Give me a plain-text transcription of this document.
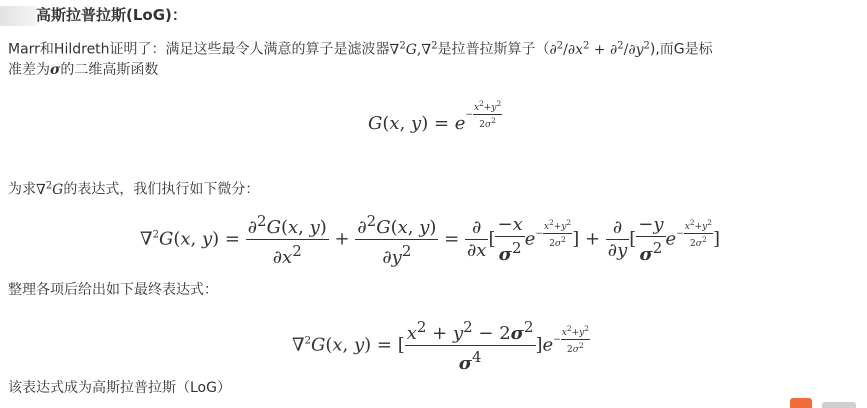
高斯拉普拉斯(LoG)：
Marr和Hildreth证明了：满足这些最令人满意的算子是滤波器∇$^2$G,∇$^2$是拉普拉斯算子$(\partial^2/\partial x^2 + \partial^2/\partial y^2)$,而G是标
准差为σ的二维高斯函数
G(x, $y) = e- \frac{x^2+y^2}{2\sigma^2}$
为求∇$^2$G的表达式，我们执行如下微分：
∇$^2$G(x, $y) = \frac{\partial^2G(x, y)}{\partial x^2} + \frac{\partial^2G(x, y)}{\partial y^2} = \frac{\partial}{\partial x}$ [ $\frac{-x}{\sigma^2} e- \frac{x^2+y^2}{2\sigma^2}$ ] + $\frac{\partial}{\partial y}$ [ $\frac{-y}{\sigma^2} e- \frac{x^2+y^2}{2\sigma^2}$ ]
整理各项后给出如下最终表达式：
∇$^2$G(x, y) = [ $\frac{x^2 + y^2 - 2\sigma^2}{\sigma^4} ]e- \frac{x^2+y^2}{2\sigma^2}$
该表达式成为高斯拉普拉斯（LoG）
